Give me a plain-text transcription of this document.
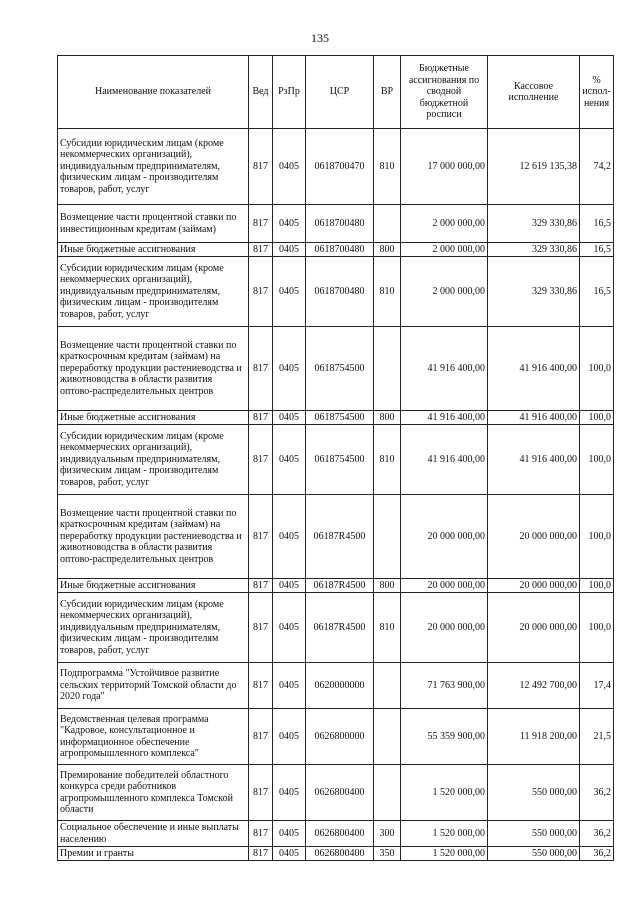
135
Наименование показателей	Вед	РзПр	ЦСР	ВР	Бюджетные ассигнования по сводной бюджетной росписи	Кассовое исполнение	% исполнения
Субсидии юридическим лицам (кроме некоммерческих организаций), индивидуальным предпринимателям, физическим лицам - производителям товаров, работ, услуг	817	0405	0618700470	810	17 000 000,00	12 619 135,38	74,2
Возмещение части процентной ставки по инвестиционным кредитам (займам)	817	0405	0618700480		2 000 000,00	329 330,86	16,5
Иные бюджетные ассигнования	817	0405	0618700480	800	2 000 000,00	329 330,86	16,5
Субсидии юридическим лицам (кроме некоммерческих организаций), индивидуальным предпринимателям, физическим лицам - производителям товаров, работ, услуг	817	0405	0618700480	810	2 000 000,00	329 330,86	16,5
Возмещение части процентной ставки по краткосрочным кредитам (займам) на переработку продукции растениеводства и животноводства в области развития оптово-распределительных центров	817	0405	0618754500		41 916 400,00	41 916 400,00	100,0
Иные бюджетные ассигнования	817	0405	0618754500	800	41 916 400,00	41 916 400,00	100,0
Субсидии юридическим лицам (кроме некоммерческих организаций), индивидуальным предпринимателям, физическим лицам - производителям товаров, работ, услуг	817	0405	0618754500	810	41 916 400,00	41 916 400,00	100,0
Возмещение части процентной ставки по краткосрочным кредитам (займам) на переработку продукции растениеводства и животноводства в области развития оптово-распределительных центров	817	0405	06187R4500		20 000 000,00	20 000 000,00	100,0
Иные бюджетные ассигнования	817	0405	06187R4500	800	20 000 000,00	20 000 000,00	100,0
Субсидии юридическим лицам (кроме некоммерческих организаций), индивидуальным предпринимателям, физическим лицам - производителям товаров, работ, услуг	817	0405	06187R4500	810	20 000 000,00	20 000 000,00	100,0
Подпрограмма "Устойчивое развитие сельских территорий Томской области до 2020 года"	817	0405	0620000000		71 763 900,00	12 492 700,00	17,4
Ведомственная целевая программа "Кадровое, консультационное и информационное обеспечение агропромышленного комплекса"	817	0405	0626800000		55 359 900,00	11 918 200,00	21,5
Премирование победителей областного конкурса среди работников агропромышленного комплекса Томской области	817	0405	0626800400		1 520 000,00	550 000,00	36,2
Социальное обеспечение и иные выплаты населению	817	0405	0626800400	300	1 520 000,00	550 000,00	36,2
Премии и гранты	817	0405	0626800400	350	1 520 000,00	550 000,00	36,2
